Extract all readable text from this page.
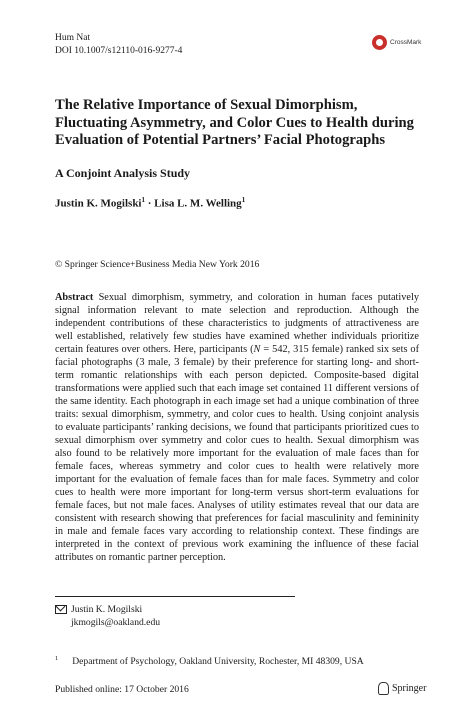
Hum Nat
DOI 10.1007/s12110-016-9277-4
CrossMark
The Relative Importance of Sexual Dimorphism, Fluctuating Asymmetry, and Color Cues to Health during Evaluation of Potential Partners’ Facial Photographs
A Conjoint Analysis Study
Justin K. Mogilski$^1$ · Lisa L. M. Welling$^1$
© Springer Science+Business Media New York 2016
Abstract Sexual dimorphism, symmetry, and coloration in human faces putatively signal information relevant to mate selection and reproduction. Although the independent contributions of these characteristics to judgments of attractiveness are well established, relatively few studies have examined whether individuals prioritize certain features over others. Here, participants (N = 542, 315 female) ranked six sets of facial photographs (3 male, 3 female) by their preference for starting long- and short-term romantic relationships with each person depicted. Composite-based digital transformations were applied such that each image set contained 11 different versions of the same identity. Each photograph in each image set had a unique combination of three traits: sexual dimorphism, symmetry, and color cues to health. Using conjoint analysis to evaluate participants’ ranking decisions, we found that participants prioritized cues to sexual dimorphism over symmetry and color cues to health. Sexual dimorphism was also found to be relatively more important for the evaluation of male faces than for female faces, whereas symmetry and color cues to health were relatively more important for the evaluation of female faces than for male faces. Symmetry and color cues to health were more important for long-term versus short-term evaluations for female faces, but not male faces. Analyses of utility estimates reveal that our data are consistent with research showing that preferences for facial masculinity and femininity in male and female faces vary according to relationship context. These findings are interpreted in the context of previous work examining the influence of these facial attributes on romantic partner perception.
Justin K. Mogilski
jkmogils@oakland.edu
$^1$ Department of Psychology, Oakland University, Rochester, MI 48309, USA
Published online: 17 October 2016	Springer
